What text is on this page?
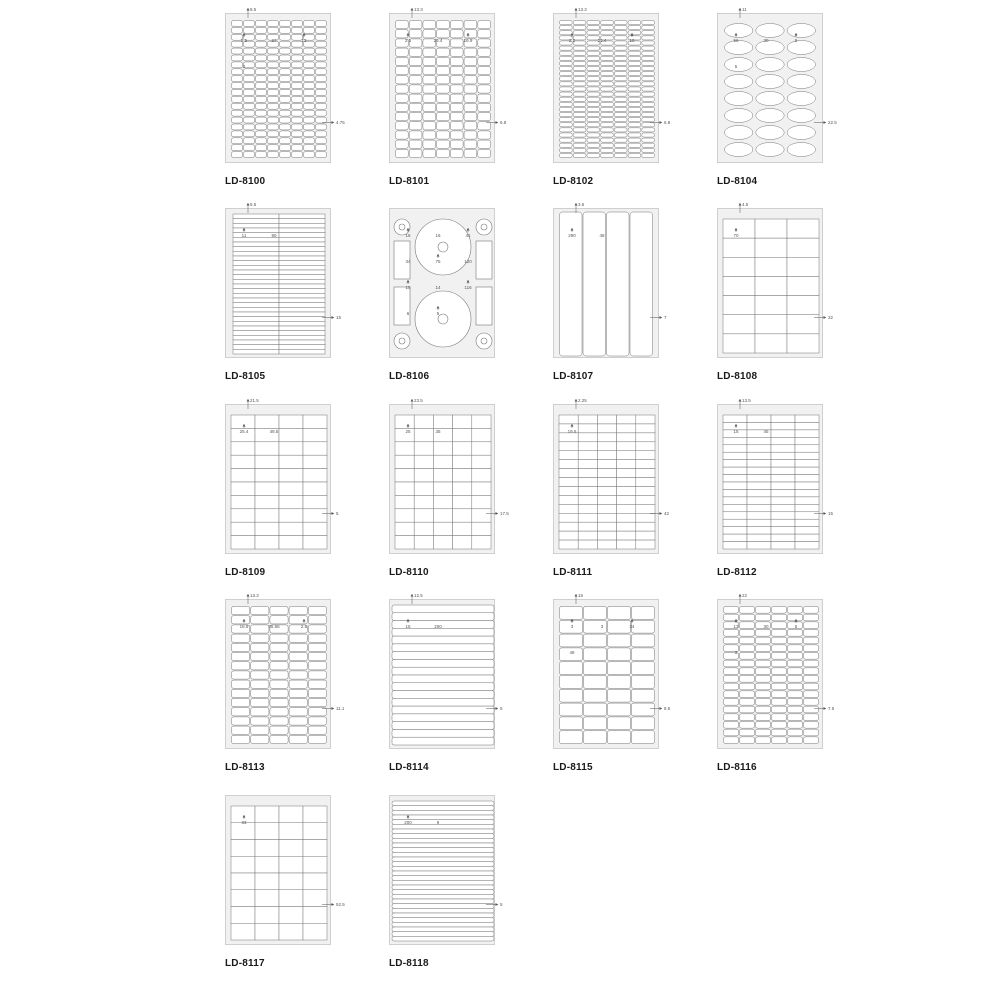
8.5
5.5	27	12
2
4.75
LD-8100
13.3
2.5	25.4	16.9
6.8
LD-8101
13.3
2.5	25.4	10
6.8
LD-8102
11
56	30	5
5
22.5
LD-8104
5.5
11	90
15
LD-8105
16	16	41
34	75	120
15	14	116
6	5
LD-8106
3.5
290	48
7
LD-8107
4.5
70
32
LD-8108
21.5
25.4	48.5
5
LD-8109
23.5
25	35
17.5
LD-8110
2.25
19.5
42
LD-8111
13.5
15	45
15
LD-8112
13.3
16.9	35.56	2.5
11.1
LD-8113
12.5
15	200
5
LD-8114
15
3	3	24
48
8.5
LD-8115
22
13	30	5
3
7.5
LD-8116
33
52.5
LD-8117
200	9
5
LD-8118
